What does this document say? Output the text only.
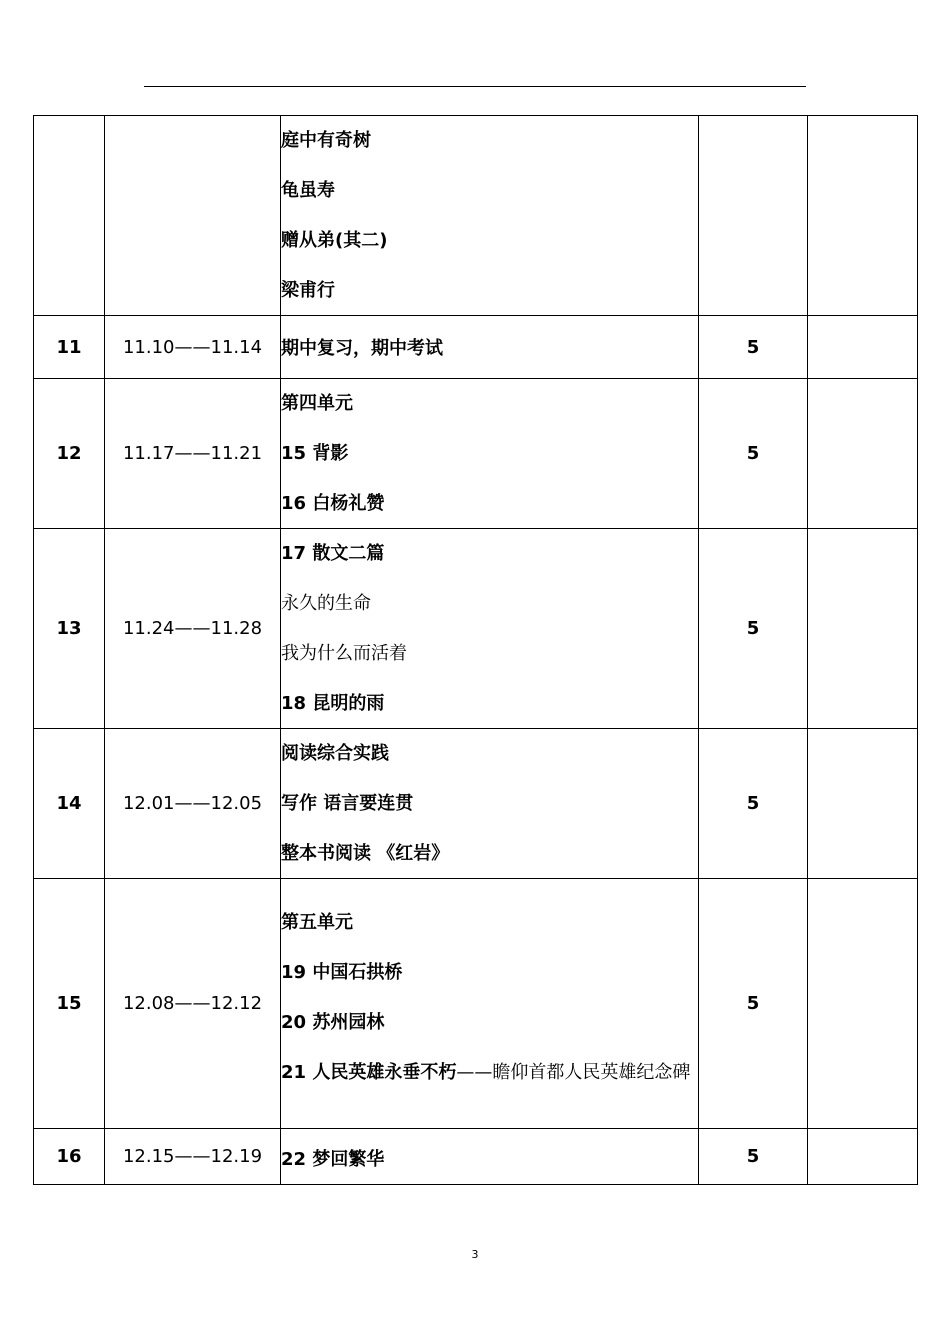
		庭中有奇树
龟虽寿
赠从弟(其二)
梁甫行		

11	11.10——11.14	期中复习，期中考试	5	
12	11.17——11.21	第四单元
15 背影
16 白杨礼赞	5	
13	11.24——11.28	17 散文二篇
永久的生命
我为什么而活着
18 昆明的雨	5	
14	12.01——12.05	阅读综合实践
写作 语言要连贯
整本书阅读 《红岩》	5	
15	12.08——12.12	第五单元
19 中国石拱桥
20 苏州园林
21 人民英雄永垂不朽——瞻仰首都人民英雄纪念碑	5	
16	12.15——12.19	22 梦回繁华	5	
3
